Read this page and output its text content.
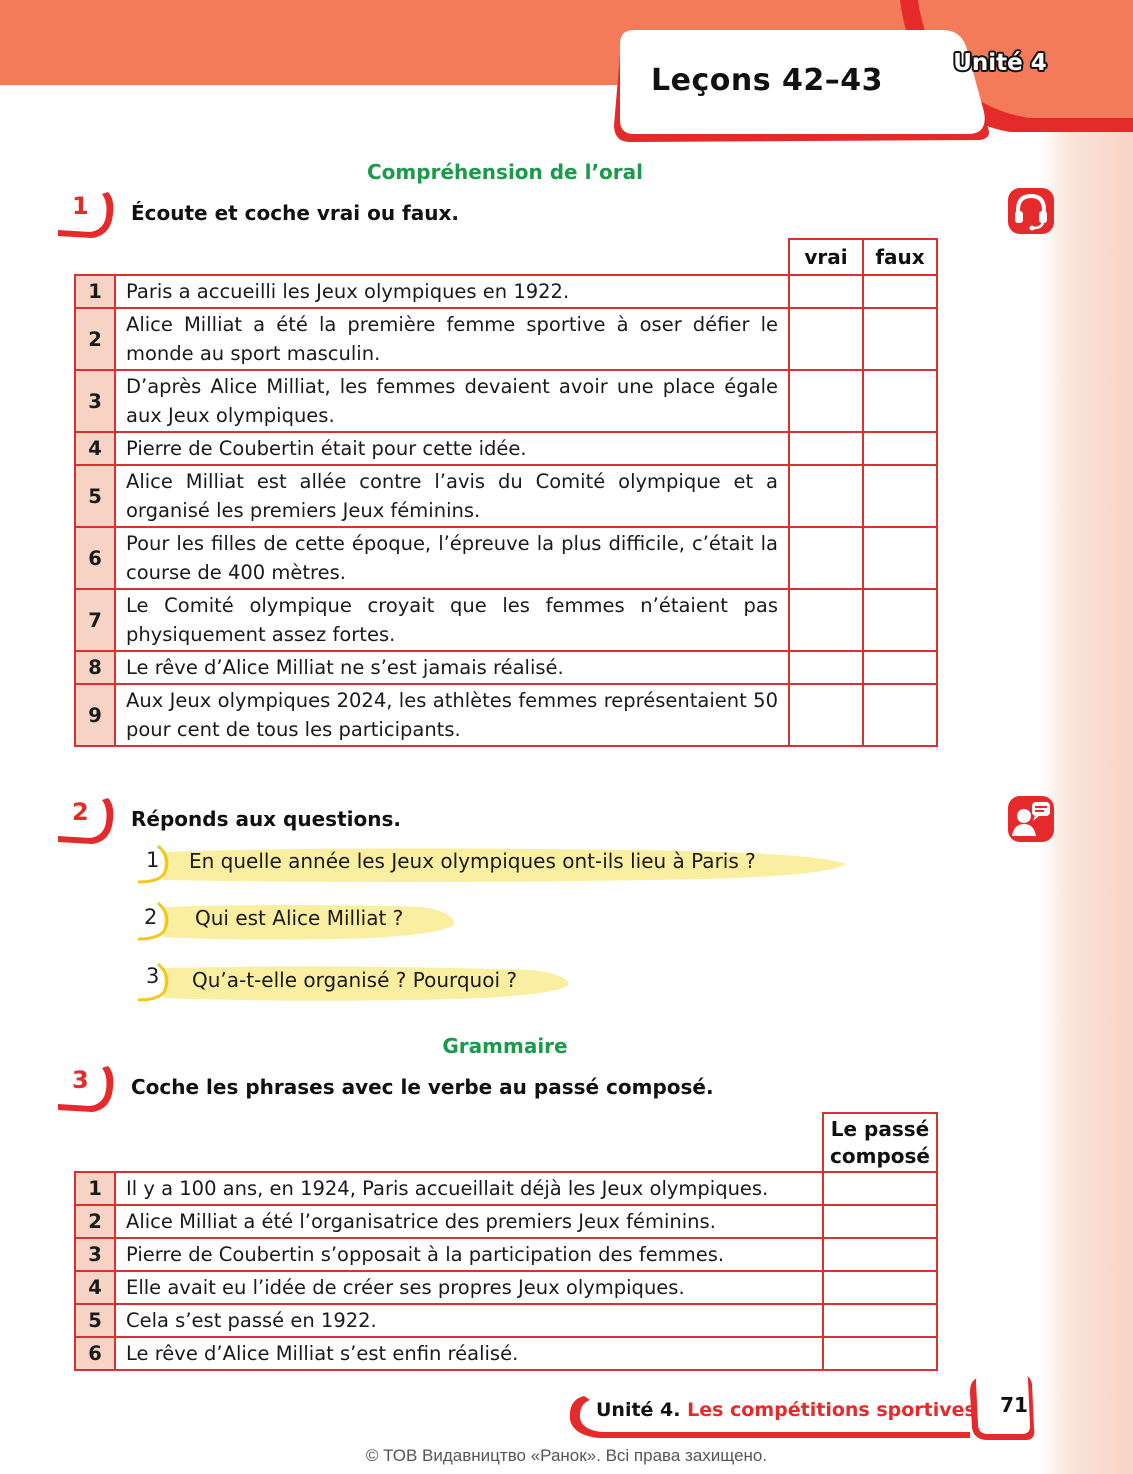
Leçons 42–43	Unité 4
Compréhension de l’oral
1 Écoute et coche vrai ou faux.
		vrai	faux
1	Paris a accueilli les Jeux olympiques en 1922.		
2	Alice Milliat a été la première femme sportive à oser défier le monde au sport masculin.		
3	D’après Alice Milliat, les femmes devaient avoir une place égale aux Jeux olympiques.		
4	Pierre de Coubertin était pour cette idée.		
5	Alice Milliat est allée contre l’avis du Comité olympique et a organisé les premiers Jeux féminins.		
6	Pour les filles de cette époque, l’épreuve la plus difficile, c’était la course de 400 mètres.		
7	Le Comité olympique croyait que les femmes n’étaient pas physiquement assez fortes.		
8	Le rêve d’Alice Milliat ne s’est jamais réalisé.		
9	Aux Jeux olympiques 2024, les athlètes femmes représentaient 50 pour cent de tous les participants.		
2 Réponds aux questions.
1 En quelle année les Jeux olympiques ont-ils lieu à Paris ?
2 Qui est Alice Milliat ?
3 Qu’a-t-elle organisé ? Pourquoi ?
Grammaire
3 Coche les phrases avec le verbe au passé composé.
		Le passé
composé
1	Il y a 100 ans, en 1924, Paris accueillait déjà les Jeux olympiques.	
2	Alice Milliat a été l’organisatrice des premiers Jeux féminins.	
3	Pierre de Coubertin s’opposait à la participation des femmes.	
4	Elle avait eu l’idée de créer ses propres Jeux olympiques.	
5	Cela s’est passé en 1922.	
6	Le rêve d’Alice Milliat s’est enfin réalisé.	
Unité 4. Les compétitions sportives	71
© ТОВ Видавництво «Ранок». Всі права захищено.
